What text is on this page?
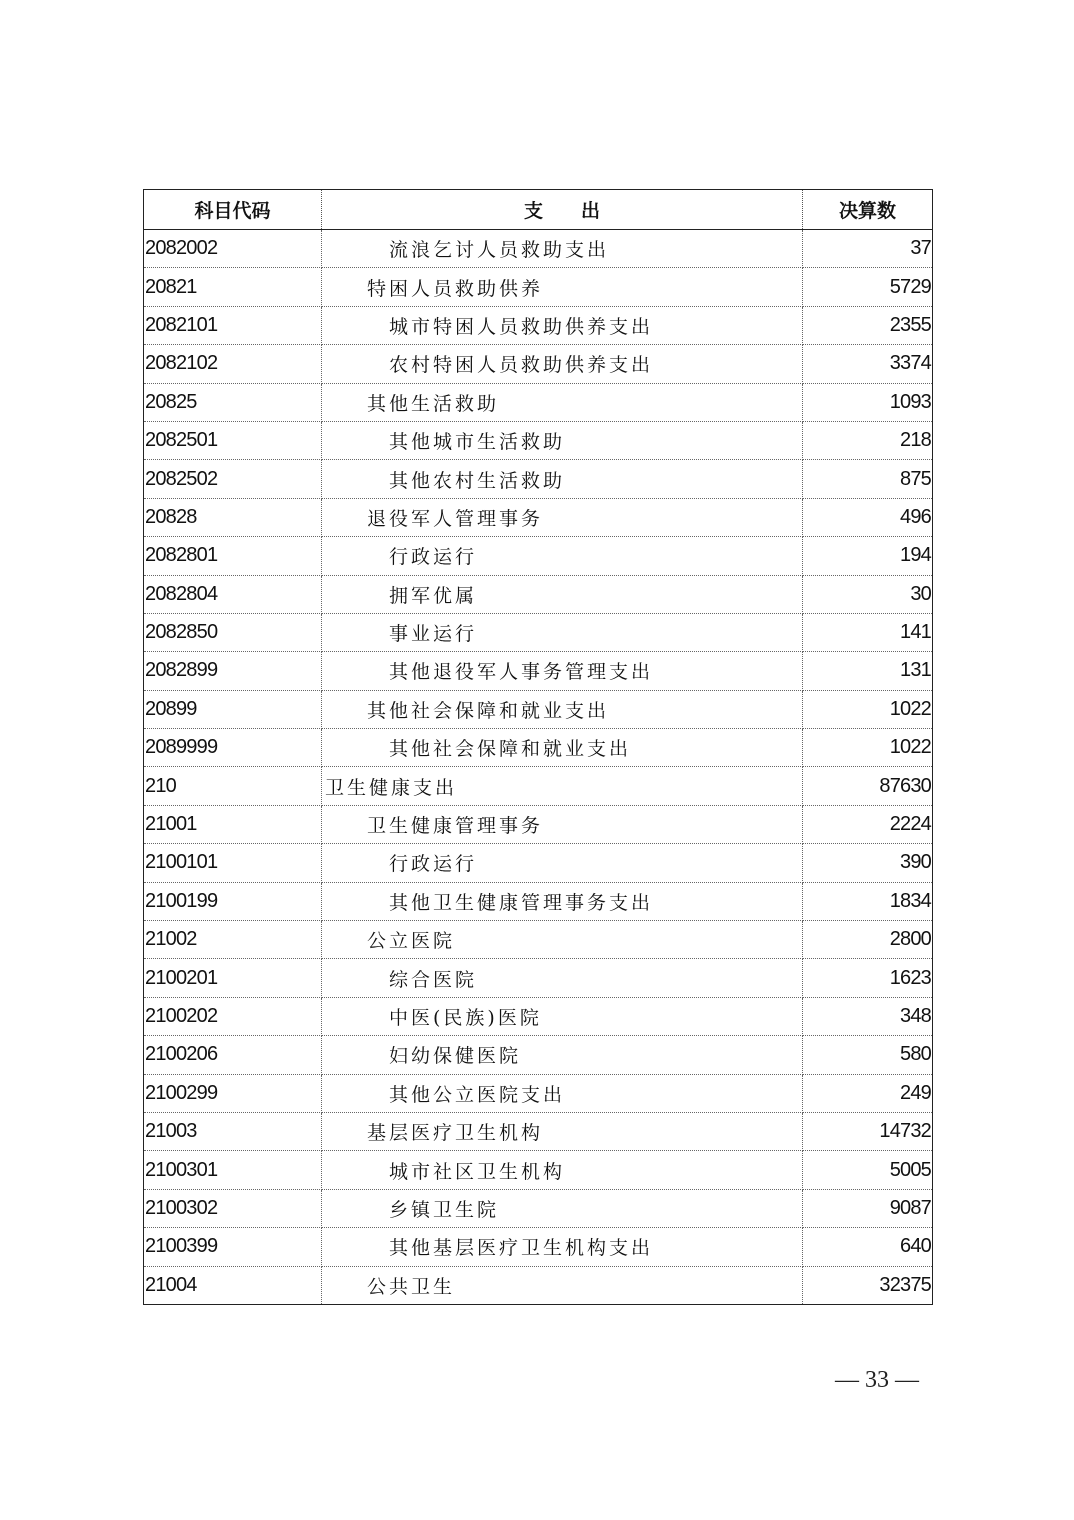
科目代码	支　　出	决算数
2082002	流浪乞讨人员救助支出	37
20821	特困人员救助供养	5729
2082101	城市特困人员救助供养支出	2355
2082102	农村特困人员救助供养支出	3374
20825	其他生活救助	1093
2082501	其他城市生活救助	218
2082502	其他农村生活救助	875
20828	退役军人管理事务	496
2082801	行政运行	194
2082804	拥军优属	30
2082850	事业运行	141
2082899	其他退役军人事务管理支出	131
20899	其他社会保障和就业支出	1022
2089999	其他社会保障和就业支出	1022
210	卫生健康支出	87630
21001	卫生健康管理事务	2224
2100101	行政运行	390
2100199	其他卫生健康管理事务支出	1834
21002	公立医院	2800
2100201	综合医院	1623
2100202	中医(民族)医院	348
2100206	妇幼保健医院	580
2100299	其他公立医院支出	249
21003	基层医疗卫生机构	14732
2100301	城市社区卫生机构	5005
2100302	乡镇卫生院	9087
2100399	其他基层医疗卫生机构支出	640
21004	公共卫生	32375
— 33 —
